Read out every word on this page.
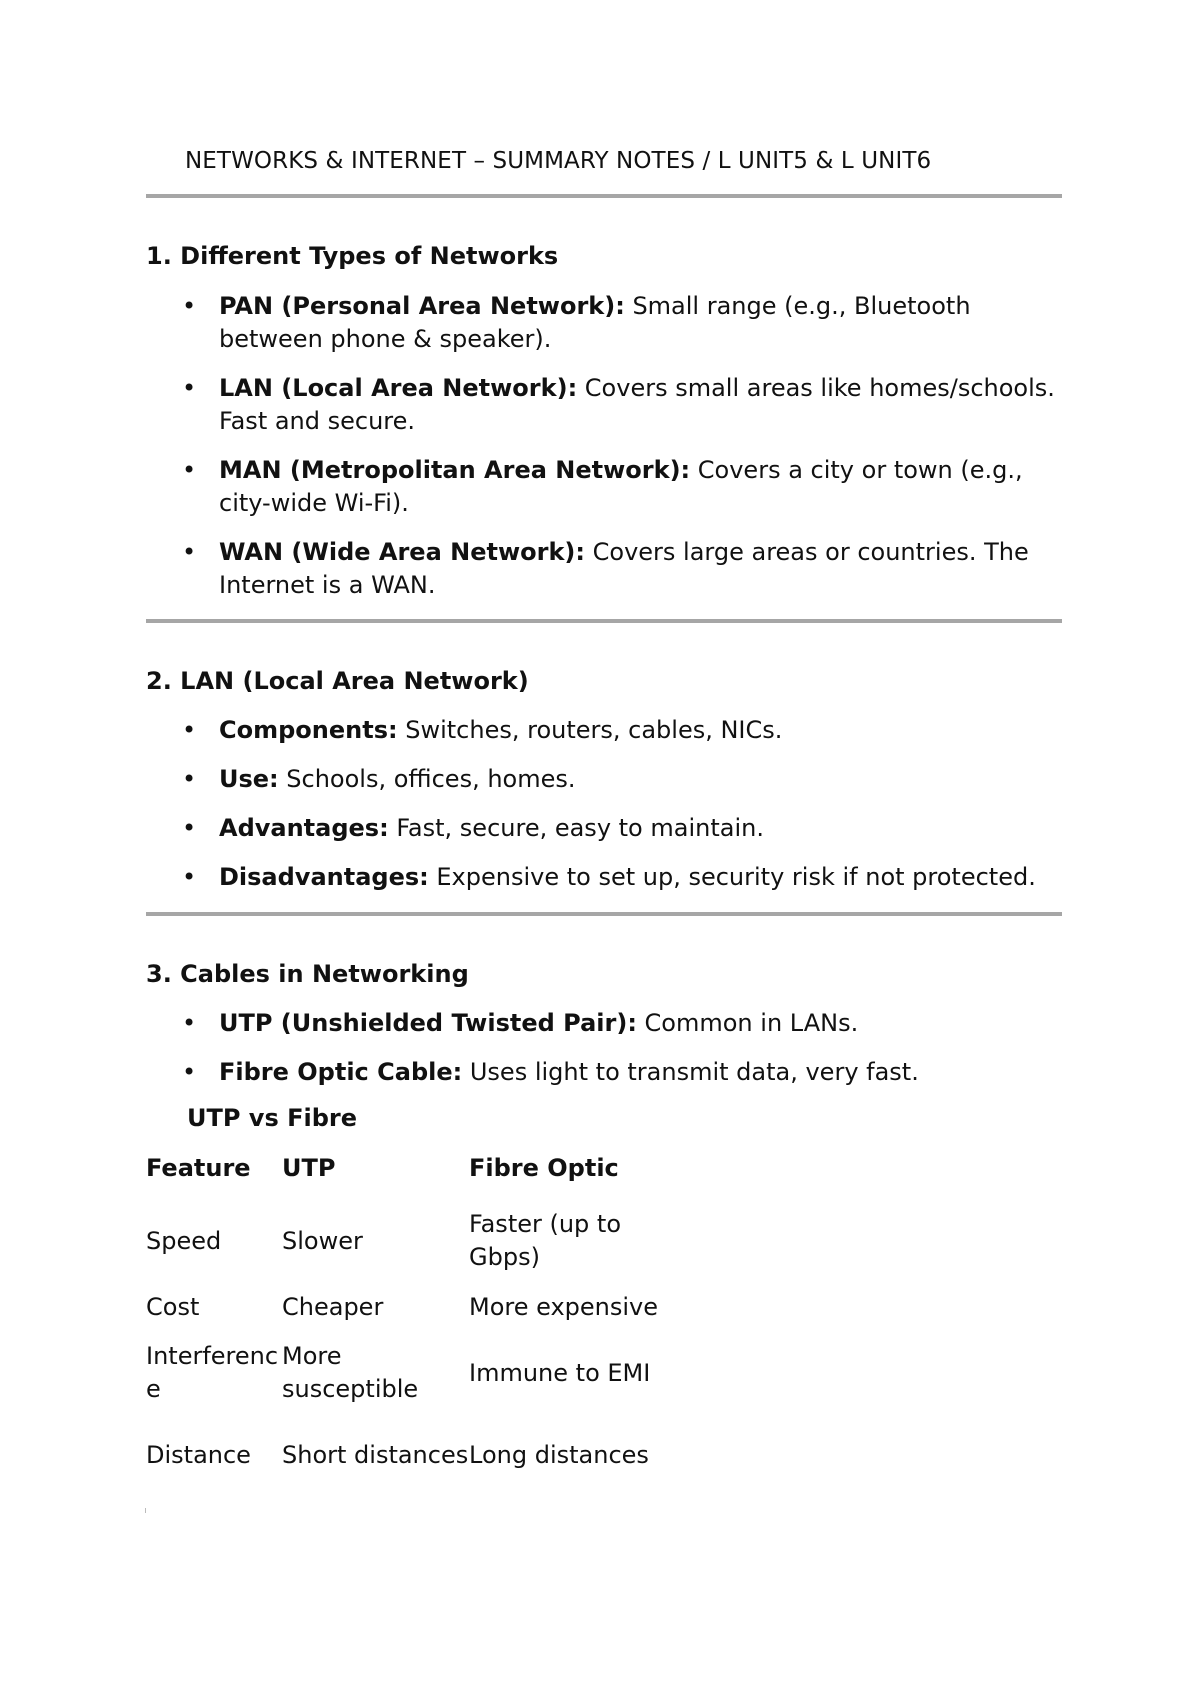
NETWORKS & INTERNET – SUMMARY NOTES / L UNIT5 & L UNIT6
1. Different Types of Networks
• PAN (Personal Area Network): Small range (e.g., Bluetooth between phone & speaker).
• LAN (Local Area Network): Covers small areas like homes/schools. Fast and secure.
• MAN (Metropolitan Area Network): Covers a city or town (e.g., city-wide Wi-Fi).
• WAN (Wide Area Network): Covers large areas or countries. The Internet is a WAN.
2. LAN (Local Area Network)
• Components: Switches, routers, cables, NICs.
• Use: Schools, offices, homes.
• Advantages: Fast, secure, easy to maintain.
• Disadvantages: Expensive to set up, security risk if not protected.
3. Cables in Networking
• UTP (Unshielded Twisted Pair): Common in LANs.
• Fibre Optic Cable: Uses light to transmit data, very fast.
UTP vs Fibre
Feature	UTP	Fibre Optic
Speed	Slower	Faster (up to Gbps)
Cost	Cheaper	More expensive
Interference	More susceptible	Immune to EMI
Distance	Short distances	Long distances
